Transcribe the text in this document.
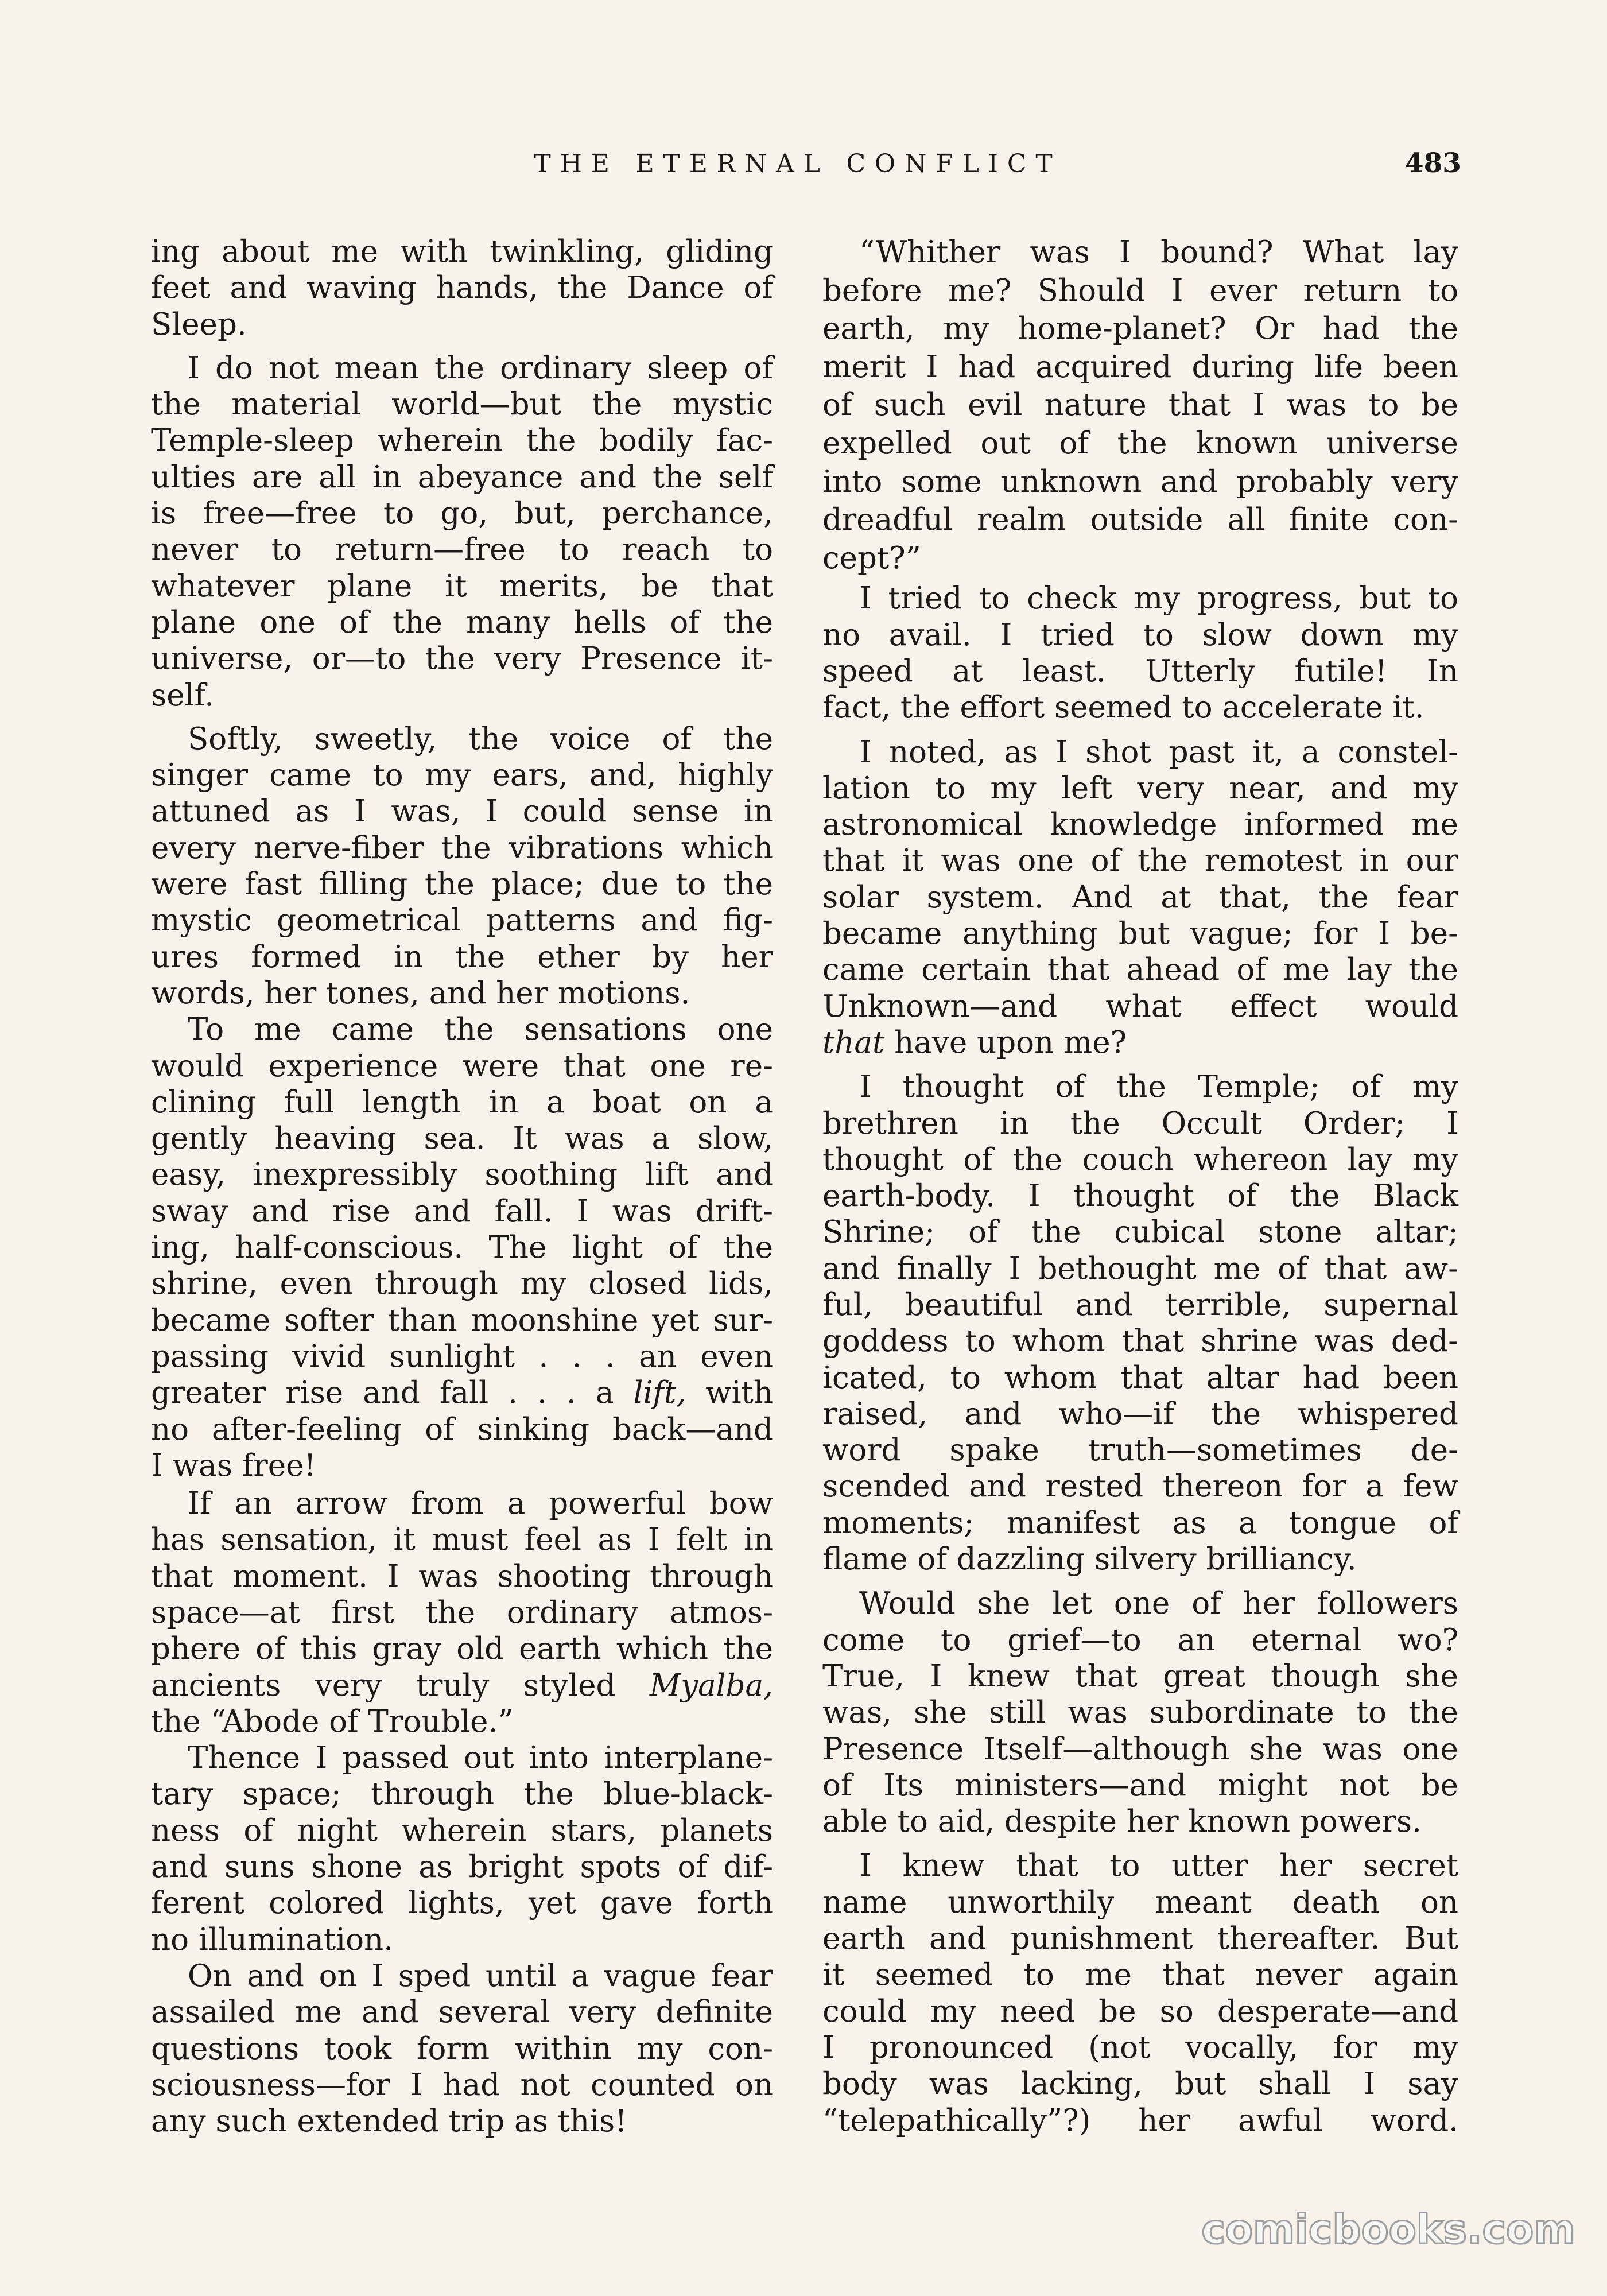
THE ETERNAL CONFLICT	483
ing about me with twinkling, gliding
feet and waving hands, the Dance of
Sleep.
I do not mean the ordinary sleep of
the material world—but the mystic
Temple-sleep wherein the bodily fac-
ulties are all in abeyance and the self
is free—free to go, but, perchance,
never to return—free to reach to
whatever plane it merits, be that
plane one of the many hells of the
universe, or—to the very Presence it-
self.
Softly, sweetly, the voice of the
singer came to my ears, and, highly
attuned as I was, I could sense in
every nerve-fiber the vibrations which
were fast filling the place; due to the
mystic geometrical patterns and fig-
ures formed in the ether by her
words, her tones, and her motions.
To me came the sensations one
would experience were that one re-
clining full length in a boat on a
gently heaving sea. It was a slow,
easy, inexpressibly soothing lift and
sway and rise and fall. I was drift-
ing, half-conscious. The light of the
shrine, even through my closed lids,
became softer than moonshine yet sur-
passing vivid sunlight . . . an even
greater rise and fall . . . a lift, with
no after-feeling of sinking back—and
I was free!
If an arrow from a powerful bow
has sensation, it must feel as I felt in
that moment. I was shooting through
space—at first the ordinary atmos-
phere of this gray old earth which the
ancients very truly styled Myalba,
the “Abode of Trouble.”
Thence I passed out into interplane-
tary space; through the blue-black-
ness of night wherein stars, planets
and suns shone as bright spots of dif-
ferent colored lights, yet gave forth
no illumination.
On and on I sped until a vague fear
assailed me and several very definite
questions took form within my con-
sciousness—for I had not counted on
any such extended trip as this!
“Whither was I bound? What lay
before me? Should I ever return to
earth, my home-planet? Or had the
merit I had acquired during life been
of such evil nature that I was to be
expelled out of the known universe
into some unknown and probably very
dreadful realm outside all finite con-
cept?”
I tried to check my progress, but to
no avail. I tried to slow down my
speed at least. Utterly futile! In
fact, the effort seemed to accelerate it.
I noted, as I shot past it, a constel-
lation to my left very near, and my
astronomical knowledge informed me
that it was one of the remotest in our
solar system. And at that, the fear
became anything but vague; for I be-
came certain that ahead of me lay the
Unknown—and what effect would
that have upon me?
I thought of the Temple; of my
brethren in the Occult Order; I
thought of the couch whereon lay my
earth-body. I thought of the Black
Shrine; of the cubical stone altar;
and finally I bethought me of that aw-
ful, beautiful and terrible, supernal
goddess to whom that shrine was ded-
icated, to whom that altar had been
raised, and who—if the whispered
word spake truth—sometimes de-
scended and rested thereon for a few
moments; manifest as a tongue of
flame of dazzling silvery brilliancy.
Would she let one of her followers
come to grief—to an eternal wo?
True, I knew that great though she
was, she still was subordinate to the
Presence Itself—although she was one
of Its ministers—and might not be
able to aid, despite her known powers.
I knew that to utter her secret
name unworthily meant death on
earth and punishment thereafter. But
it seemed to me that never again
could my need be so desperate—and
I pronounced (not vocally, for my
body was lacking, but shall I say
“telepathically”?) her awful word.
comicbooks.com
